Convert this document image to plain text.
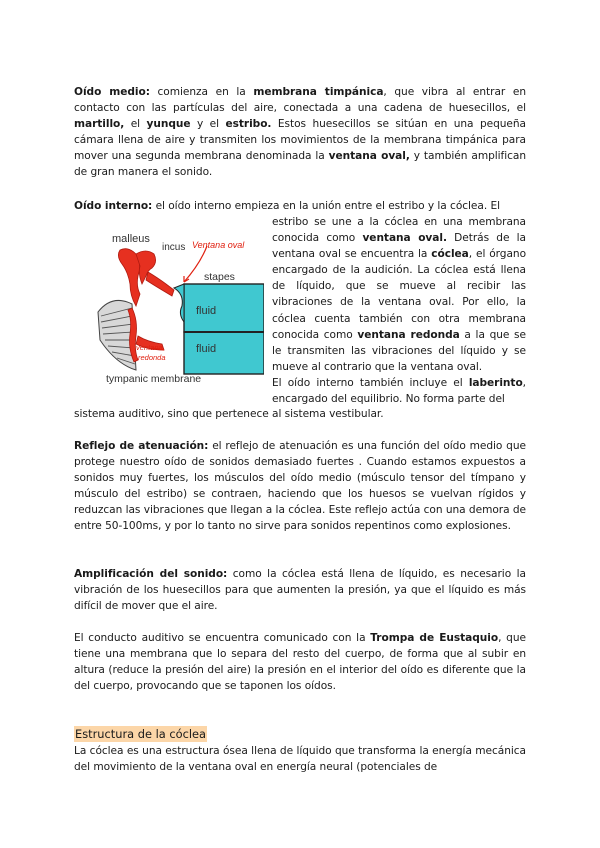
Oído medio: comienza en la membrana timpánica, que vibra al entrar en contacto con las partículas del aire, conectada a una cadena de huesecillos, el martillo, el yunque y el estribo. Estos huesecillos se sitúan en una pequeña cámara llena de aire y transmiten los movimientos de la membrana timpánica para mover una segunda membrana denominada la ventana oval, y también amplifican de gran manera el sonido.

Oído interno: el oído interno empieza en la unión entre el estribo y la cóclea. El

estribo se une a la cóclea en una membrana conocida como ventana oval. Detrás de la ventana oval se encuentra la cóclea, el órgano encargado de la audición. La cóclea está llena de líquido, que se mueve al recibir las vibraciones de la ventana oval. Por ello, la cóclea cuenta también con otra membrana conocida como ventana redonda a la que se le transmiten las vibraciones del líquido y se mueve al contrario que la ventana oval.

El oído interno también incluye el laberinto, encargado del equilibrio. No forma parte del

sistema auditivo, sino que pertenece al sistema vestibular.

malleus
incus Ventana oval
stapes
fluid
fluid
ventana
redonda
tympanic membrane

Reflejo de atenuación: el reflejo de atenuación es una función del oído medio que protege nuestro oído de sonidos demasiado fuertes . Cuando estamos expuestos a sonidos muy fuertes, los músculos del oído medio (músculo tensor del tímpano y músculo del estribo) se contraen, haciendo que los huesos se vuelvan rígidos y reduzcan las vibraciones que llegan a la cóclea. Este reflejo actúa con una demora de entre 50-100ms, y por lo tanto no sirve para sonidos repentinos como explosiones.

Amplificación del sonido: como la cóclea está llena de líquido, es necesario la vibración de los huesecillos para que aumenten la presión, ya que el líquido es más difícil de mover que el aire.

El conducto auditivo se encuentra comunicado con la Trompa de Eustaquio, que tiene una membrana que lo separa del resto del cuerpo, de forma que al subir en altura (reduce la presión del aire) la presión en el interior del oído es diferente que la del cuerpo, provocando que se taponen los oídos.

Estructura de la cóclea

La cóclea es una estructura ósea llena de líquido que transforma la energía mecánica del movimiento de la ventana oval en energía neural (potenciales de
